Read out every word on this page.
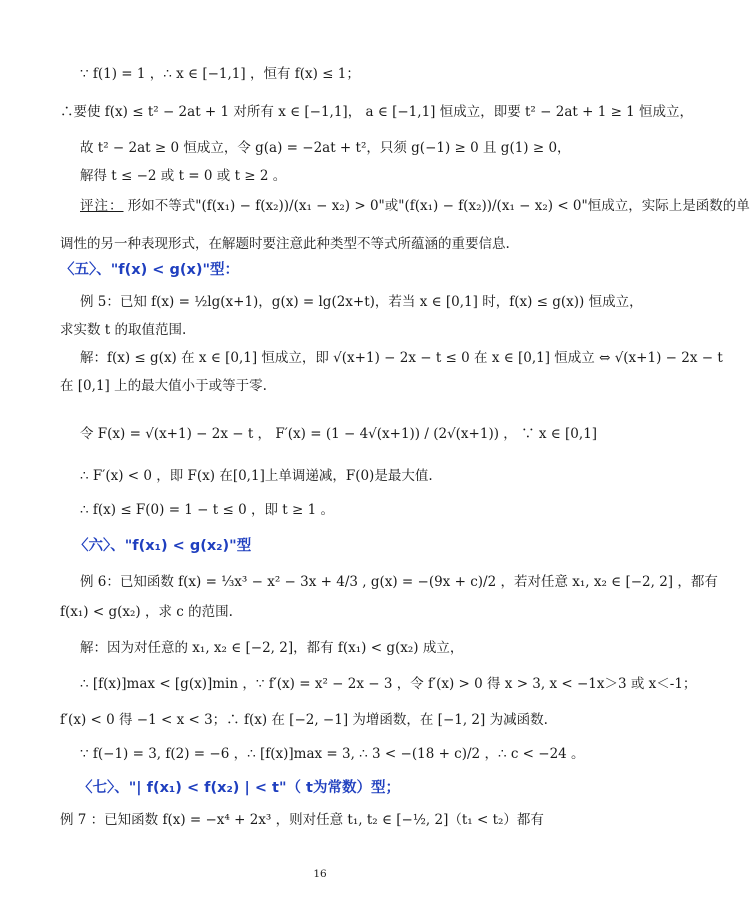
∵ f(1) = 1 ，∴ x ∈ [−1,1] ，恒有 f(x) ≤ 1；
∴要使 f(x) ≤ t² − 2at + 1 对所有 x ∈ [−1,1]， a ∈ [−1,1] 恒成立，即要 t² − 2at + 1 ≥ 1 恒成立，
故 t² − 2at ≥ 0 恒成立，令 g(a) = −2at + t²，只须 g(−1) ≥ 0 且 g(1) ≥ 0，
解得 t ≤ −2 或 t = 0 或 t ≥ 2 。
评注： 形如不等式"(f(x₁) − f(x₂))/(x₁ − x₂) > 0"或"(f(x₁) − f(x₂))/(x₁ − x₂) < 0"恒成立，实际上是函数的单
调性的另一种表现形式，在解题时要注意此种类型不等式所蕴涵的重要信息.
〈五〉、"f(x) < g(x)"型：
例 5：已知 f(x) = ½lg(x+1)，g(x) = lg(2x+t)，若当 x ∈ [0,1] 时，f(x) ≤ g(x)) 恒成立，
求实数 t 的取值范围.
解：f(x) ≤ g(x) 在 x ∈ [0,1] 恒成立，即 √(x+1) − 2x − t ≤ 0 在 x ∈ [0,1] 恒成立 ⇔ √(x+1) − 2x − t
在 [0,1] 上的最大值小于或等于零.
令 F(x) = √(x+1) − 2x − t ， F′(x) = (1 − 4√(x+1)) / (2√(x+1)) ， ∵ x ∈ [0,1]
∴ F′(x) < 0 ，即 F(x) 在[0,1]上单调递减，F(0)是最大值.
∴ f(x) ≤ F(0) = 1 − t ≤ 0 ，即 t ≥ 1 。
〈六〉、"f(x₁) < g(x₂)"型
例 6：已知函数 f(x) = ⅓x³ − x² − 3x + 4/3 , g(x) = −(9x + c)/2 ，若对任意 x₁, x₂ ∈ [−2, 2] ，都有
f(x₁) < g(x₂) ，求 c 的范围.
解：因为对任意的 x₁, x₂ ∈ [−2, 2]，都有 f(x₁) < g(x₂) 成立，
∴ [f(x)]max < [g(x)]min ，∵ f′(x) = x² − 2x − 3 ，令 f′(x) > 0 得 x > 3, x < −1x＞3 或 x＜-1；
f′(x) < 0 得 −1 < x < 3；∴ f(x) 在 [−2, −1] 为增函数，在 [−1, 2] 为减函数.
∵ f(−1) = 3, f(2) = −6 ，∴ [f(x)]max = 3, ∴ 3 < −(18 + c)/2 ，∴ c < −24 。
〈七〉、"| f(x₁) < f(x₂) | < t"（ t为常数）型；
例 7 ：已知函数 f(x) = −x⁴ + 2x³ ，则对任意 t₁, t₂ ∈ [−½, 2]（t₁ < t₂）都有
16
